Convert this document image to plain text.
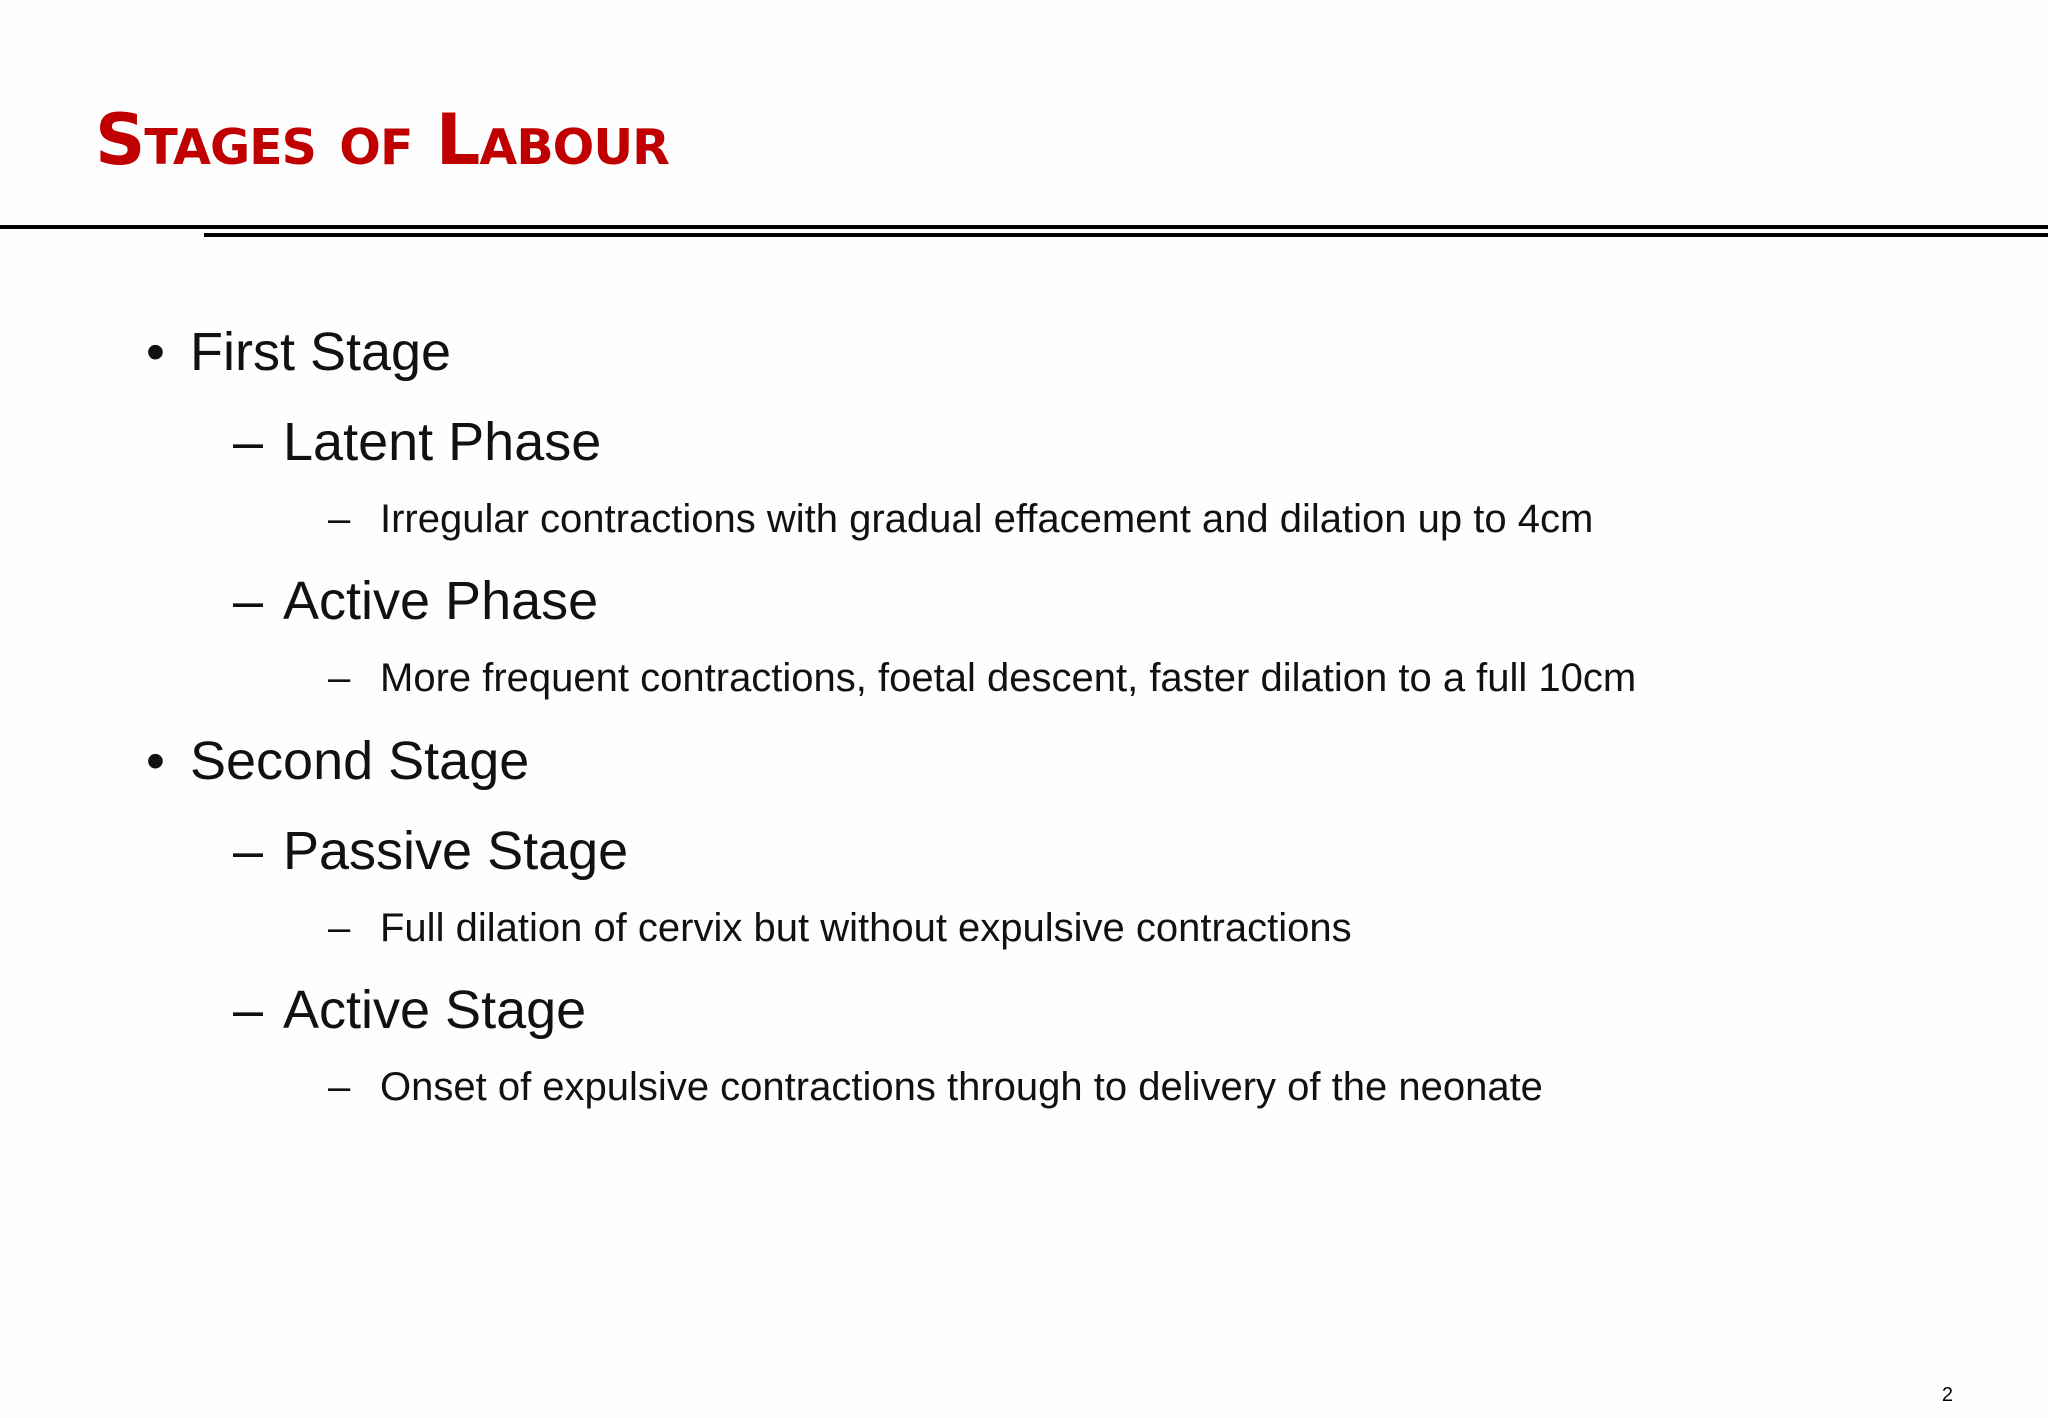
Stages of Labour
• First Stage
– Latent Phase
– Irregular contractions with gradual effacement and dilation up to 4cm
– Active Phase
– More frequent contractions, foetal descent, faster dilation to a full 10cm
• Second Stage
– Passive Stage
– Full dilation of cervix but without expulsive contractions
– Active Stage
– Onset of expulsive contractions through to delivery of the neonate
2
